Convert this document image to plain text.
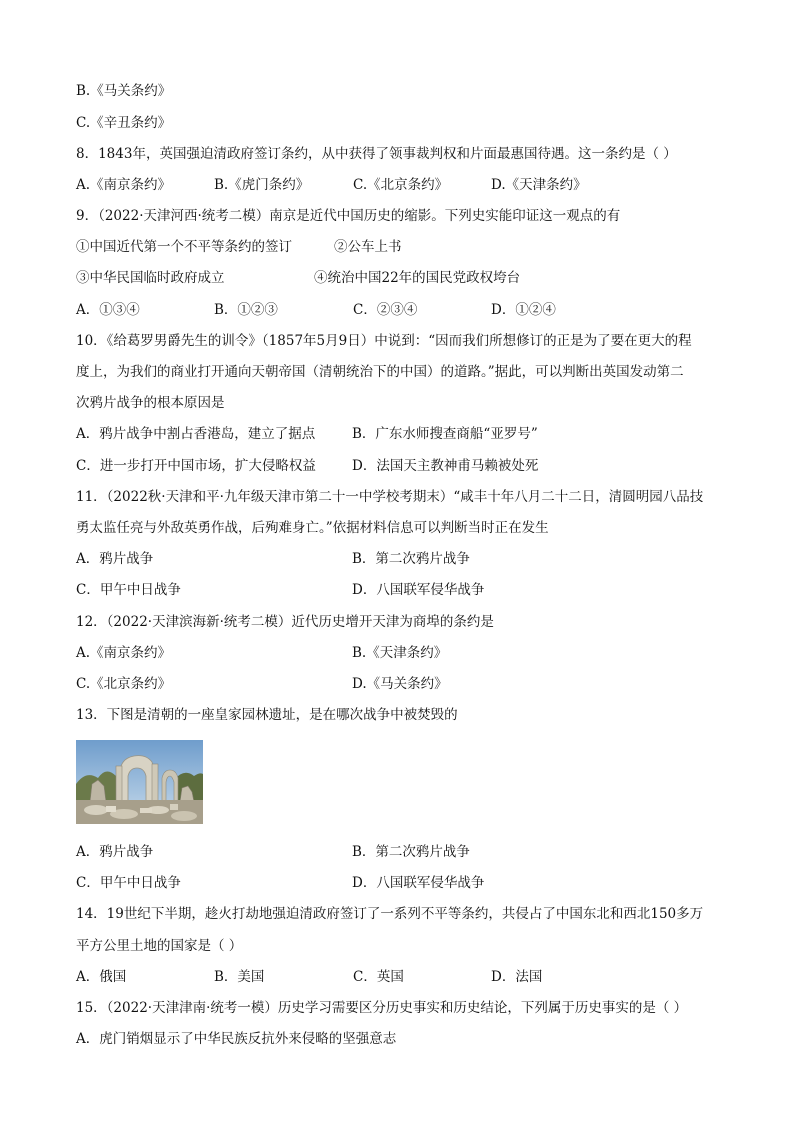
B.《马关条约》
C.《辛丑条约》
8．1843年，英国强迫清政府签订条约，从中获得了领事裁判权和片面最惠国待遇。这一条约是（ ）
A.《南京条约》	B.《虎门条约》	C.《北京条约》	D.《天津条约》
9．（2022·天津河西·统考二模）南京是近代中国历史的缩影。下列史实能印证这一观点的有
①中国近代第一个不平等条约的签订	②公车上书
③中华民国临时政府成立	④统治中国22年的国民党政权垮台
A．①③④	B．①②③	C．②③④	D．①②④
10．《给葛罗男爵先生的训令》（1857年5月9日）中说到：“因而我们所想修订的正是为了要在更大的程
度上，为我们的商业打开通向天朝帝国（清朝统治下的中国）的道路。”据此，可以判断出英国发动第二
次鸦片战争的根本原因是
A．鸦片战争中割占香港岛，建立了据点	B．广东水师搜查商船“亚罗号”
C．进一步打开中国市场，扩大侵略权益	D．法国天主教神甫马赖被处死
11．（2022秋·天津和平·九年级天津市第二十一中学校考期末）“咸丰十年八月二十二日，清圆明园八品技
勇太监任亮与外敌英勇作战，后殉难身亡。”依据材料信息可以判断当时正在发生
A．鸦片战争	B．第二次鸦片战争
C．甲午中日战争	D．八国联军侵华战争
12．（2022·天津滨海新·统考二模）近代历史增开天津为商埠的条约是
A.《南京条约》	B.《天津条约》
C.《北京条约》	D.《马关条约》
13．下图是清朝的一座皇家园林遗址，是在哪次战争中被焚毁的
A．鸦片战争	B．第二次鸦片战争
C．甲午中日战争	D．八国联军侵华战争
14．19世纪下半期，趁火打劫地强迫清政府签订了一系列不平等条约，共侵占了中国东北和西北150多万
平方公里土地的国家是（ ）
A．俄国	B．美国	C．英国	D．法国
15．（2022·天津津南·统考一模）历史学习需要区分历史事实和历史结论，下列属于历史事实的是（ ）
A．虎门销烟显示了中华民族反抗外来侵略的坚强意志
